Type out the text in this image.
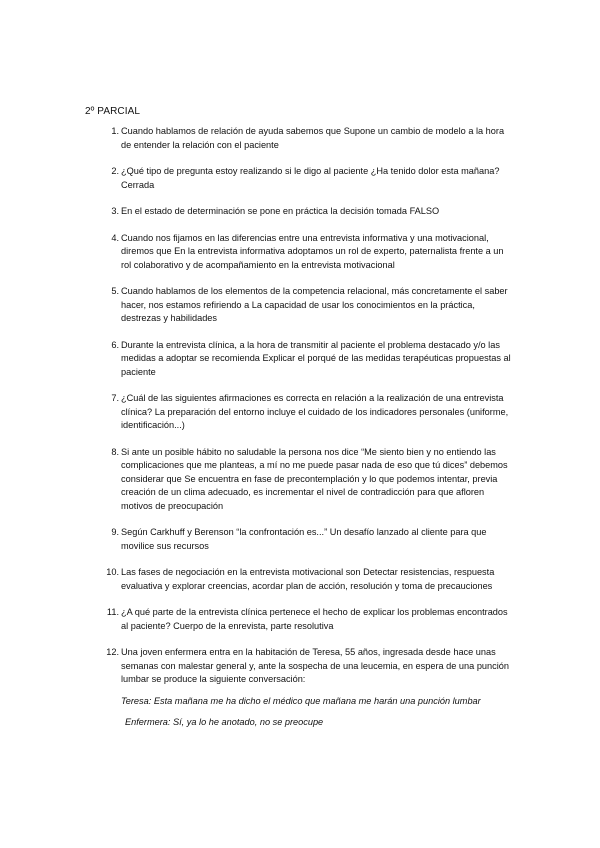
2º PARCIAL
1. Cuando hablamos de relación de ayuda sabemos que Supone un cambio de modelo a la hora de entender la relación con el paciente

2. ¿Qué tipo de pregunta estoy realizando si le digo al paciente ¿Ha tenido dolor esta mañana? Cerrada

3. En el estado de determinación se pone en práctica la decisión tomada FALSO

4. Cuando nos fijamos en las diferencias entre una entrevista informativa y una motivacional, diremos que En la entrevista informativa adoptamos un rol de experto, paternalista frente a un rol colaborativo y de acompañamiento en la entrevista motivacional

5. Cuando hablamos de los elementos de la competencia relacional, más concretamente el saber hacer, nos estamos refiriendo a La capacidad de usar los conocimientos en la práctica, destrezas y habilidades

6. Durante la entrevista clínica, a la hora de transmitir al paciente el problema destacado y/o las medidas a adoptar se recomienda Explicar el porqué de las medidas terapéuticas propuestas al paciente

7. ¿Cuál de las siguientes afirmaciones es correcta en relación a la realización de una entrevista clínica? La preparación del entorno incluye el cuidado de los indicadores personales (uniforme, identificación...)

8. Si ante un posible hábito no saludable la persona nos dice “Me siento bien y no entiendo las complicaciones que me planteas, a mí no me puede pasar nada de eso que tú dices” debemos considerar que Se encuentra en fase de precontemplación y lo que podemos intentar, previa creación de un clima adecuado, es incrementar el nivel de contradicción para que afloren motivos de preocupación

9. Según Carkhuff y Berenson “la confrontación es...” Un desafío lanzado al cliente para que movilice sus recursos

10. Las fases de negociación en la entrevista motivacional son Detectar resistencias, respuesta evaluativa y explorar creencias, acordar plan de acción, resolución y toma de precauciones

11. ¿A qué parte de la entrevista clínica pertenece el hecho de explicar los problemas encontrados al paciente? Cuerpo de la enrevista, parte resolutiva

12. Una joven enfermera entra en la habitación de Teresa, 55 años, ingresada desde hace unas semanas con malestar general y, ante la sospecha de una leucemia, en espera de una punción lumbar se produce la siguiente conversación:

Teresa: Esta mañana me ha dicho el médico que mañana me harán una punción lumbar

Enfermera: Sí, ya lo he anotado, no se preocupe
